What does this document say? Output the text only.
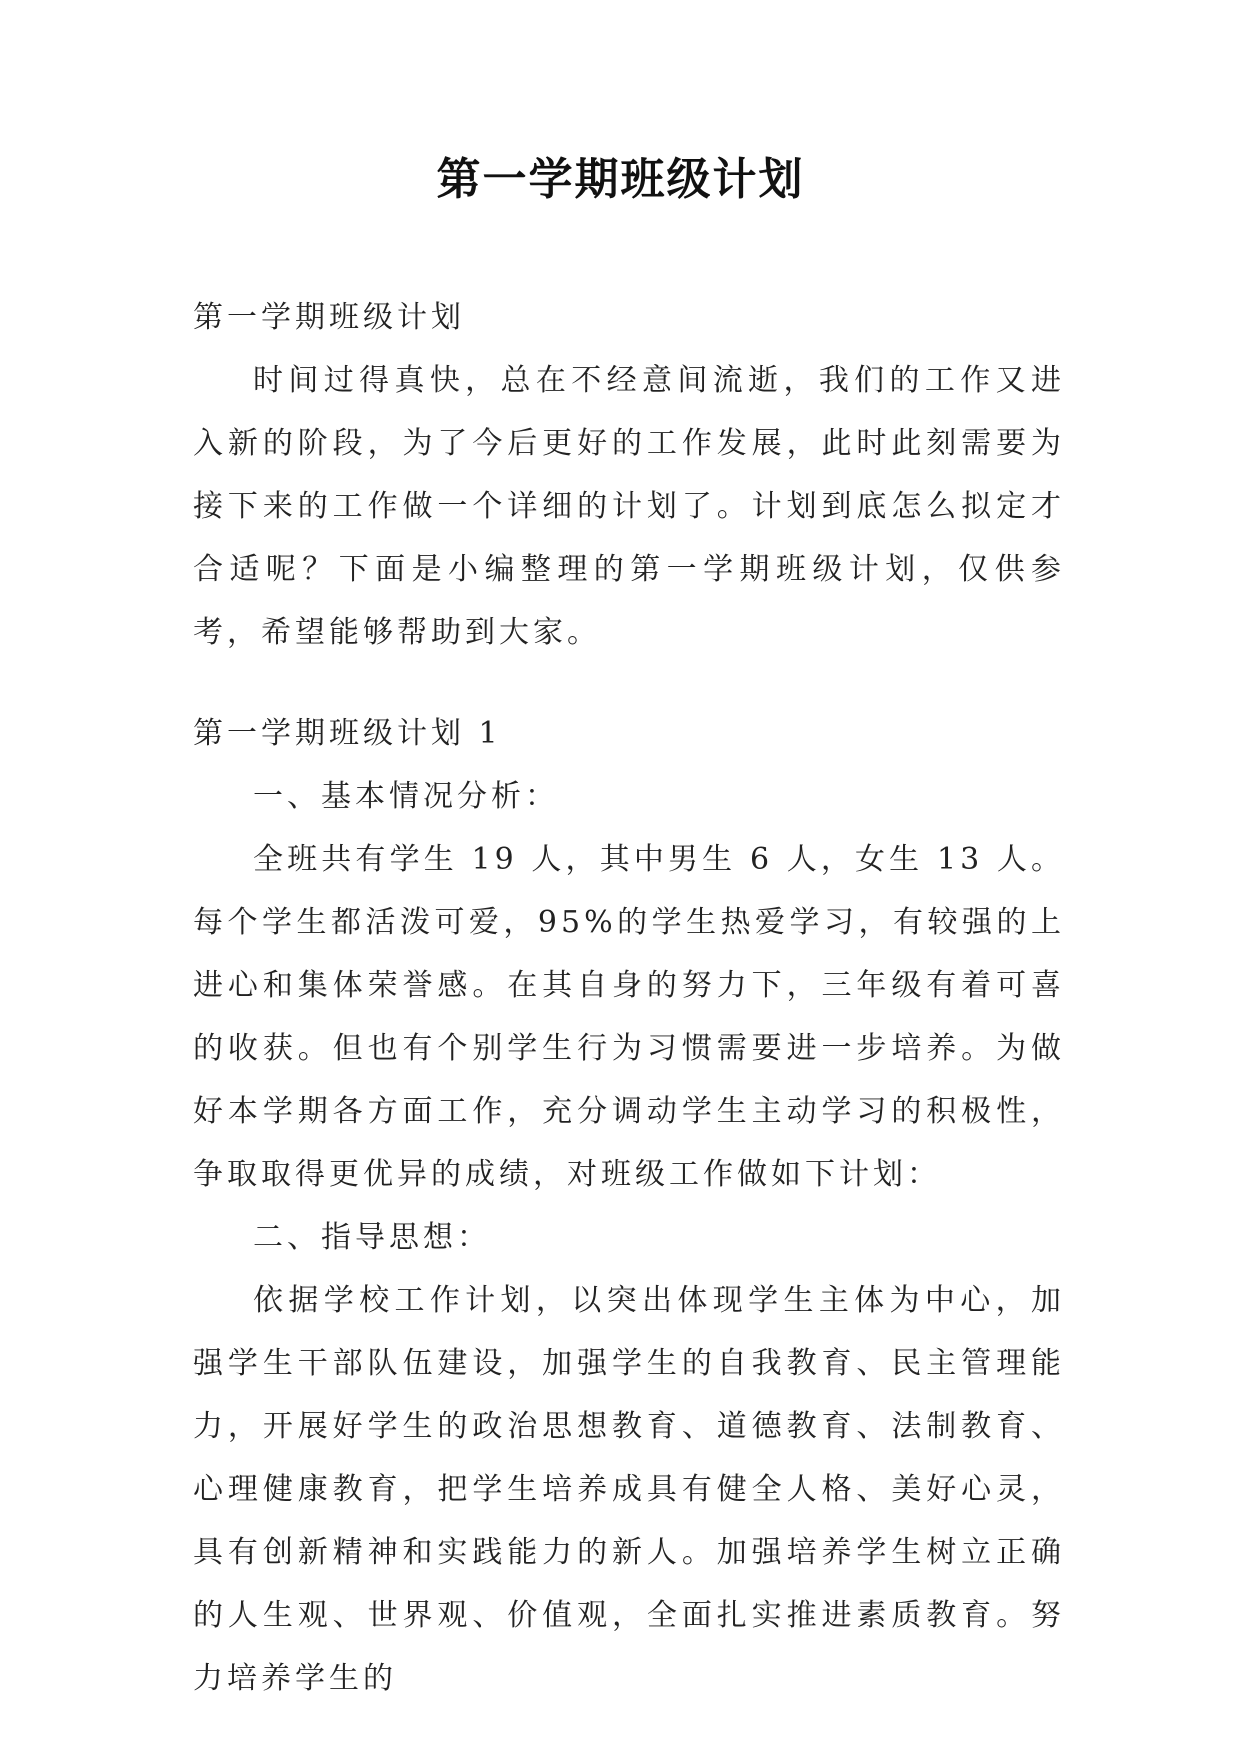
第一学期班级计划

第一学期班级计划

时间过得真快，总在不经意间流逝，我们的工作又进入新的阶段，为了今后更好的工作发展，此时此刻需要为接下来的工作做一个详细的计划了。计划到底怎么拟定才合适呢？下面是小编整理的第一学期班级计划，仅供参考，希望能够帮助到大家。

第一学期班级计划 1

一、基本情况分析：

全班共有学生 19 人，其中男生 6 人，女生 13 人。每个学生都活泼可爱，95%的学生热爱学习，有较强的上进心和集体荣誉感。在其自身的努力下，三年级有着可喜的收获。但也有个别学生行为习惯需要进一步培养。为做好本学期各方面工作，充分调动学生主动学习的积极性，争取取得更优异的成绩，对班级工作做如下计划：

二、指导思想：

依据学校工作计划，以突出体现学生主体为中心，加强学生干部队伍建设，加强学生的自我教育、民主管理能力，开展好学生的政治思想教育、道德教育、法制教育、心理健康教育，把学生培养成具有健全人格、美好心灵，具有创新精神和实践能力的新人。加强培养学生树立正确的人生观、世界观、价值观，全面扎实推进素质教育。努力培养学生的
